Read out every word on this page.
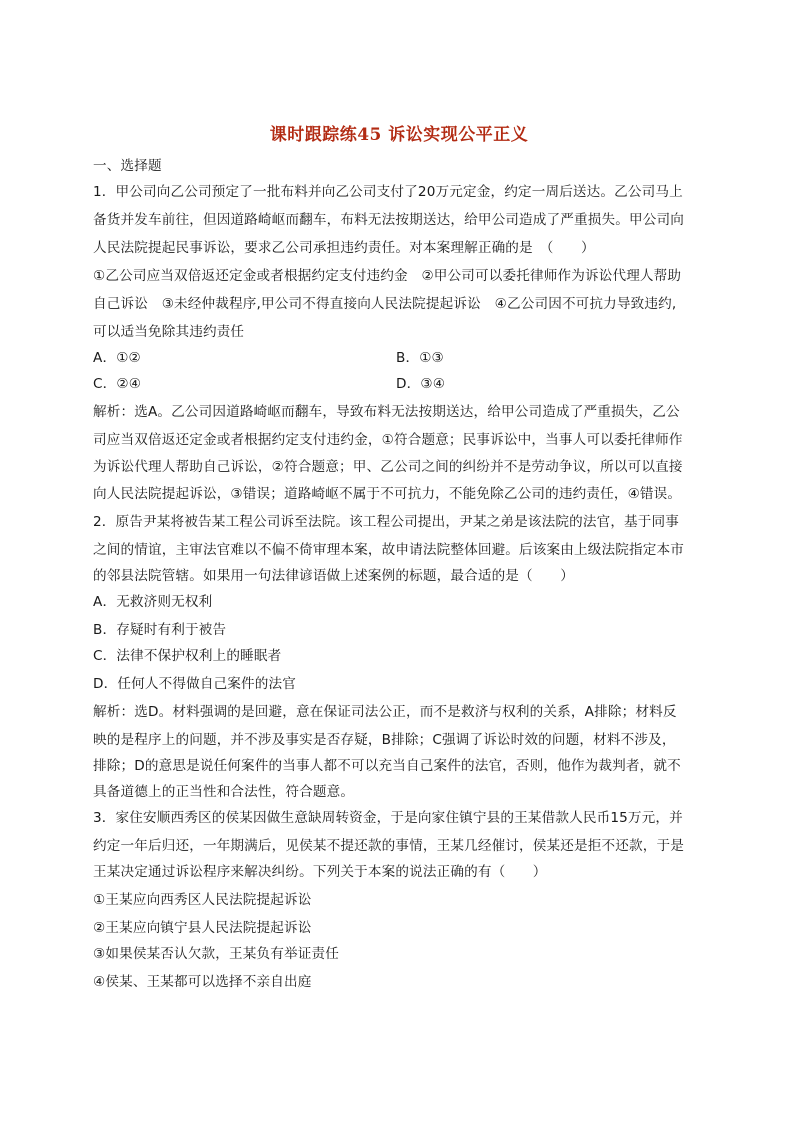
课时跟踪练45 诉讼实现公平正义
一、选择题
1．甲公司向乙公司预定了一批布料并向乙公司支付了20万元定金，约定一周后送达。乙公司马上
备货并发车前往，但因道路崎岖而翻车，布料无法按期送达，给甲公司造成了严重损失。甲公司向
人民法院提起民事诉讼，要求乙公司承担违约责任。对本案理解正确的是　（　　）
①乙公司应当双倍返还定金或者根据约定支付违约金　②甲公司可以委托律师作为诉讼代理人帮助
自己诉讼　③未经仲裁程序,甲公司不得直接向人民法院提起诉讼　④乙公司因不可抗力导致违约,
可以适当免除其违约责任
A．①②	B．①③
C．②④	D．③④
解析：选A。乙公司因道路崎岖而翻车，导致布料无法按期送达，给甲公司造成了严重损失，乙公
司应当双倍返还定金或者根据约定支付违约金，①符合题意；民事诉讼中，当事人可以委托律师作
为诉讼代理人帮助自己诉讼，②符合题意；甲、乙公司之间的纠纷并不是劳动争议，所以可以直接
向人民法院提起诉讼，③错误；道路崎岖不属于不可抗力，不能免除乙公司的违约责任，④错误。
2．原告尹某将被告某工程公司诉至法院。该工程公司提出，尹某之弟是该法院的法官，基于同事
之间的情谊，主审法官难以不偏不倚审理本案，故申请法院整体回避。后该案由上级法院指定本市
的邻县法院管辖。如果用一句法律谚语做上述案例的标题，最合适的是（　　）
A．无救济则无权利
B．存疑时有利于被告
C．法律不保护权利上的睡眠者
D．任何人不得做自己案件的法官
解析：选D。材料强调的是回避，意在保证司法公正，而不是救济与权利的关系，A排除；材料反
映的是程序上的问题，并不涉及事实是否存疑，B排除；C强调了诉讼时效的问题，材料不涉及，
排除；D的意思是说任何案件的当事人都不可以充当自己案件的法官，否则，他作为裁判者，就不
具备道德上的正当性和合法性，符合题意。
3．家住安顺西秀区的侯某因做生意缺周转资金，于是向家住镇宁县的王某借款人民币15万元，并
约定一年后归还，一年期满后，见侯某不提还款的事情，王某几经催讨，侯某还是拒不还款，于是
王某决定通过诉讼程序来解决纠纷。下列关于本案的说法正确的有（　　）
①王某应向西秀区人民法院提起诉讼
②王某应向镇宁县人民法院提起诉讼
③如果侯某否认欠款，王某负有举证责任
④侯某、王某都可以选择不亲自出庭
